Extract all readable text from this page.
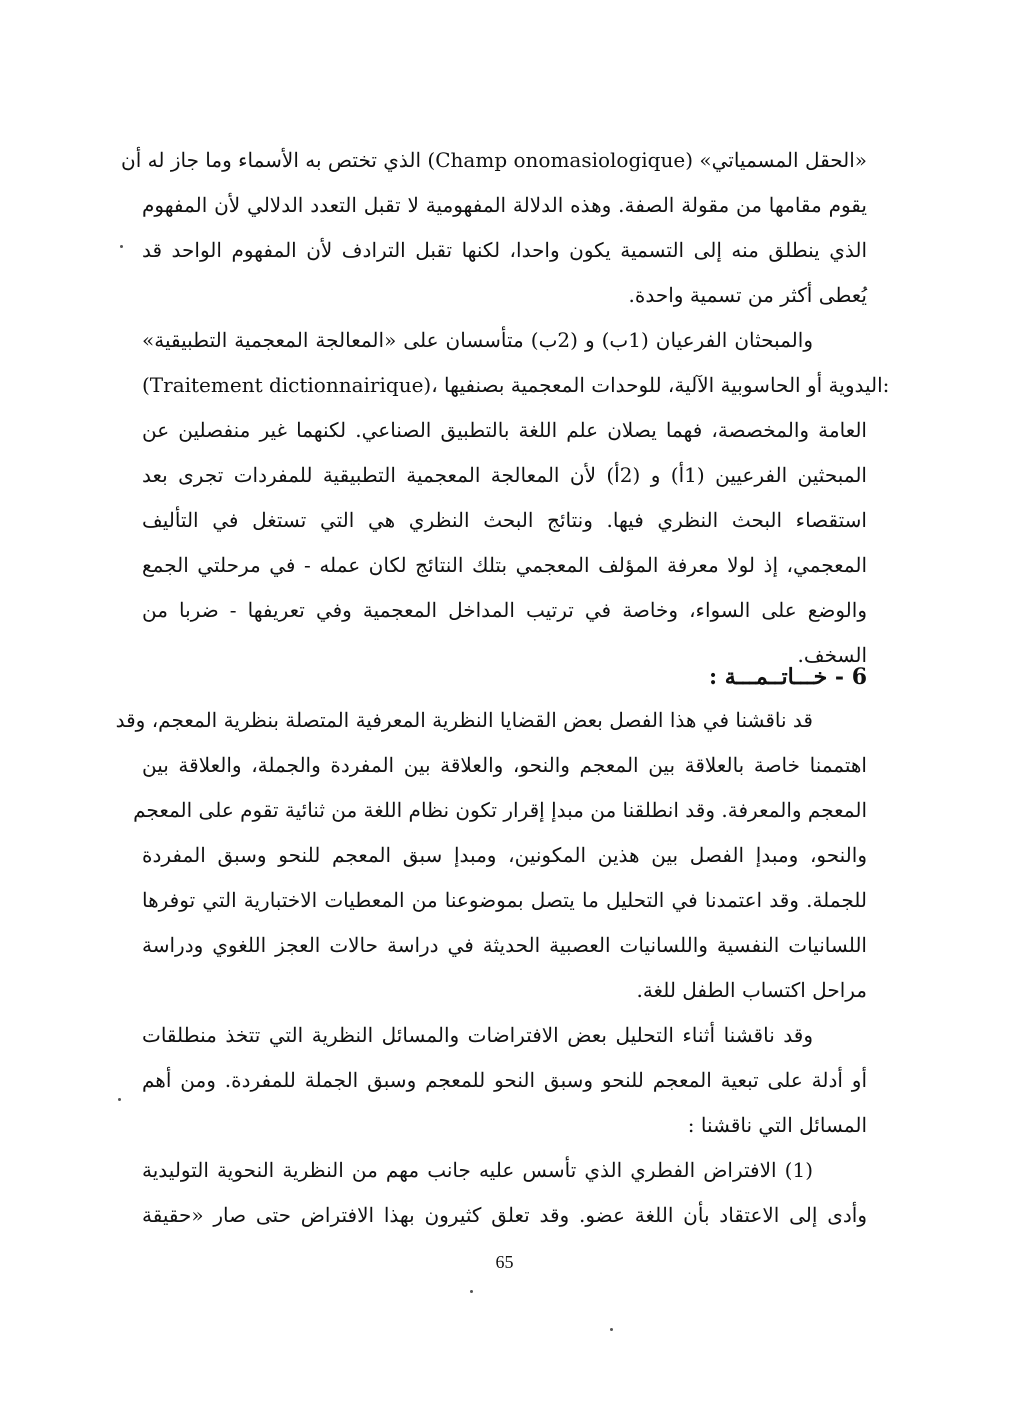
«الحقل المسمياتي» (Champ onomasiologique) الذي تختص به الأسماء وما جاز له أن
يقوم مقامها من مقولة الصفة. وهذه الدلالة المفهومية لا تقبل التعدد الدلالي لأن المفهوم
الذي ينطلق منه إلى التسمية يكون واحدا، لكنها تقبل الترادف لأن المفهوم الواحد قد
يُعطى أكثر من تسمية واحدة.
والمبحثان الفرعيان (1ب) و (2ب) متأسسان على «المعالجة المعجمية التطبيقية»
(Traitement dictionnairique)، اليدوية أو الحاسوبية الآلية، للوحدات المعجمية بصنفيها:
العامة والمخصصة، فهما يصلان علم اللغة بالتطبيق الصناعي. لكنهما غير منفصلين عن
المبحثين الفرعيين (1أ) و (2أ) لأن المعالجة المعجمية التطبيقية للمفردات تجرى بعد
استقصاء البحث النظري فيها. ونتائج البحث النظري هي التي تستغل في التأليف
المعجمي، إذ لولا معرفة المؤلف المعجمي بتلك النتائج لكان عمله - في مرحلتي الجمع
والوضع على السواء، وخاصة في ترتيب المداخل المعجمية وفي تعريفها - ضربا من
السخف.
6 - خـــاتــمـــة :
قد ناقشنا في هذا الفصل بعض القضايا النظرية المعرفية المتصلة بنظرية المعجم، وقد
اهتممنا خاصة بالعلاقة بين المعجم والنحو، والعلاقة بين المفردة والجملة، والعلاقة بين
المعجم والمعرفة. وقد انطلقنا من مبدإ إقرار تكون نظام اللغة من ثنائية تقوم على المعجم
والنحو، ومبدإ الفصل بين هذين المكونين، ومبدإ سبق المعجم للنحو وسبق المفردة
للجملة. وقد اعتمدنا في التحليل ما يتصل بموضوعنا من المعطيات الاختبارية التي توفرها
اللسانيات النفسية واللسانيات العصبية الحديثة في دراسة حالات العجز اللغوي ودراسة
مراحل اكتساب الطفل للغة.
وقد ناقشنا أثناء التحليل بعض الافتراضات والمسائل النظرية التي تتخذ منطلقات
أو أدلة على تبعية المعجم للنحو وسبق النحو للمعجم وسبق الجملة للمفردة. ومن أهم
المسائل التي ناقشنا :
(1) الافتراض الفطري الذي تأسس عليه جانب مهم من النظرية النحوية التوليدية
وأدى إلى الاعتقاد بأن اللغة عضو. وقد تعلق كثيرون بهذا الافتراض حتى صار «حقيقة
65
